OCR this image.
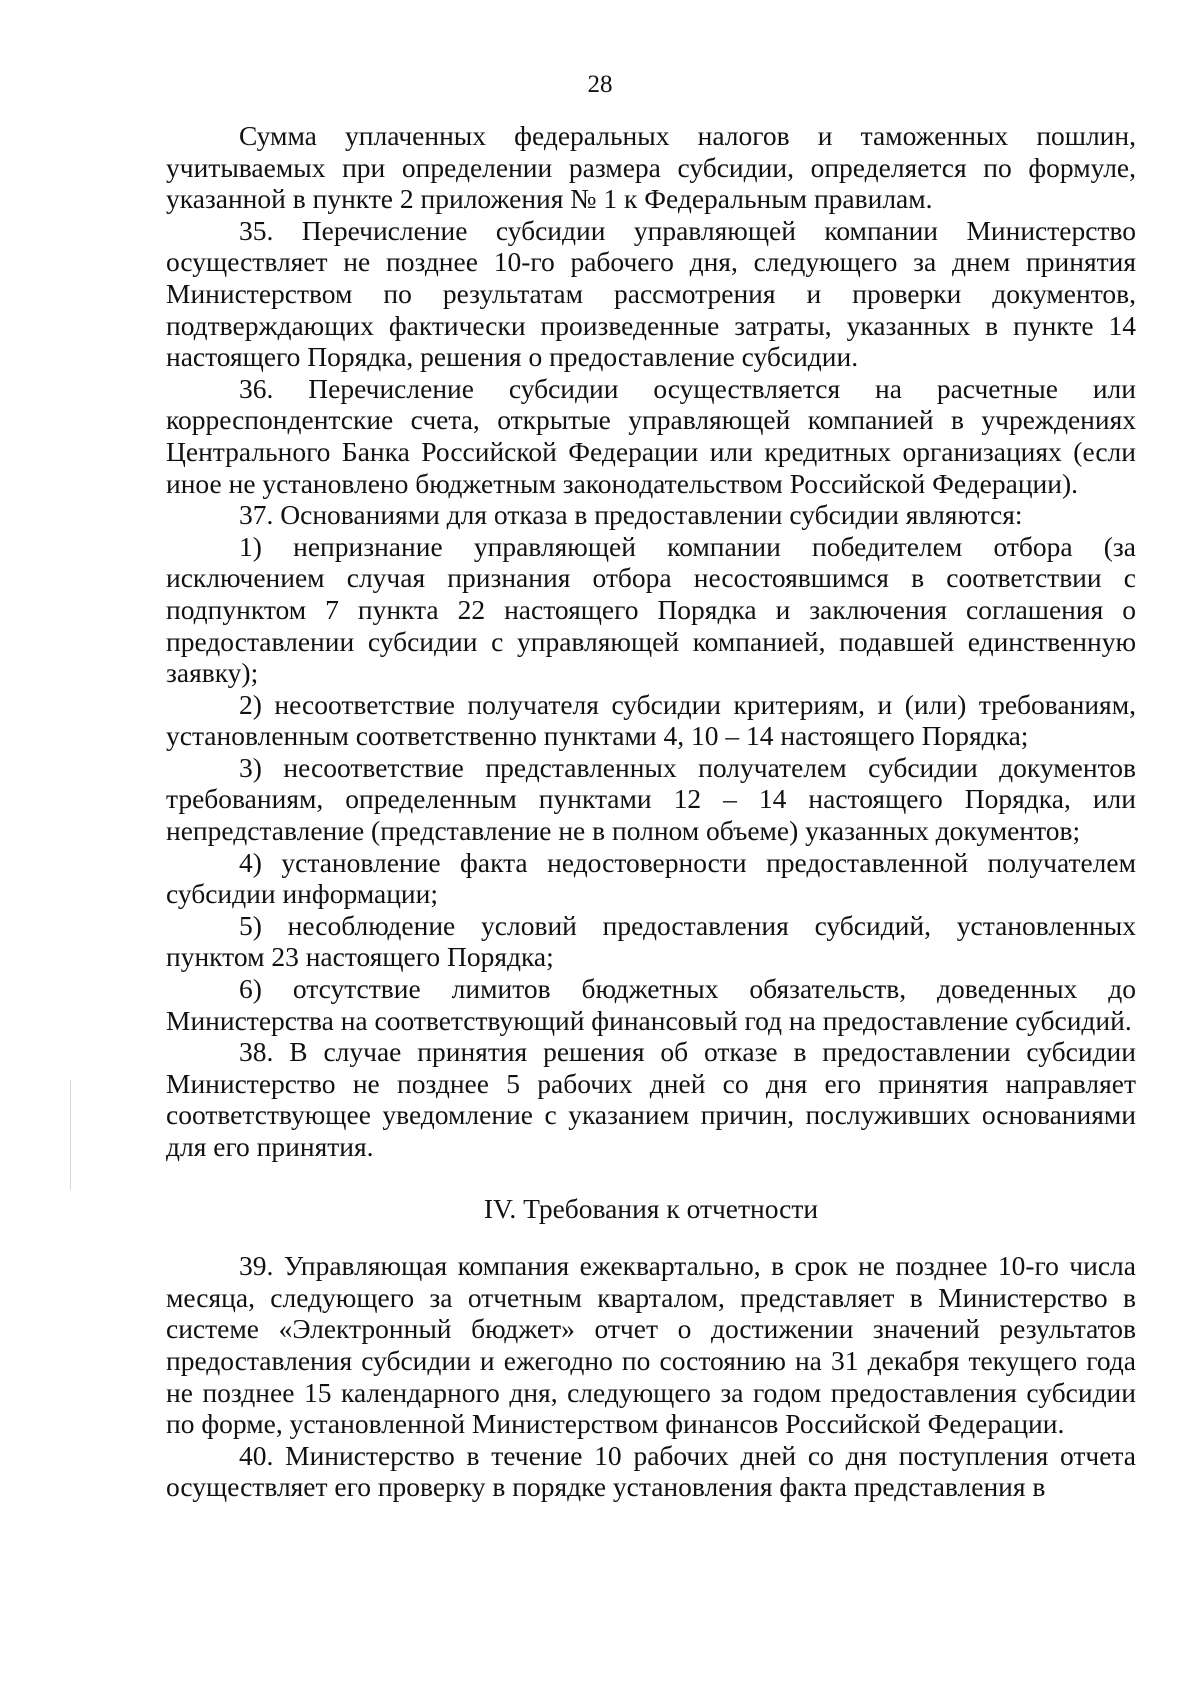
28

Сумма уплаченных федеральных налогов и таможенных пошлин, учитываемых при определении размера субсидии, определяется по формуле, указанной в пункте 2 приложения № 1 к Федеральным правилам.

35. Перечисление субсидии управляющей компании Министерство осуществляет не позднее 10-го рабочего дня, следующего за днем принятия Министерством по результатам рассмотрения и проверки документов, подтверждающих фактически произведенные затраты, указанных в пункте 14 настоящего Порядка, решения о предоставление субсидии.

36. Перечисление субсидии осуществляется на расчетные или корреспондентские счета, открытые управляющей компанией в учреждениях Центрального Банка Российской Федерации или кредитных организациях (если иное не установлено бюджетным законодательством Российской Федерации).

37. Основаниями для отказа в предоставлении субсидии являются:

1) непризнание управляющей компании победителем отбора (за исключением случая признания отбора несостоявшимся в соответствии с подпунктом 7 пункта 22 настоящего Порядка и заключения соглашения о предоставлении субсидии с управляющей компанией, подавшей единственную заявку);

2) несоответствие получателя субсидии критериям, и (или) требованиям, установленным соответственно пунктами 4, 10 – 14 настоящего Порядка;

3) несоответствие представленных получателем субсидии документов требованиям, определенным пунктами 12 – 14 настоящего Порядка, или непредставление (представление не в полном объеме) указанных документов;

4) установление факта недостоверности предоставленной получателем субсидии информации;

5) несоблюдение условий предоставления субсидий, установленных пунктом 23 настоящего Порядка;

6) отсутствие лимитов бюджетных обязательств, доведенных до Министерства на соответствующий финансовый год на предоставление субсидий.

38. В случае принятия решения об отказе в предоставлении субсидии Министерство не позднее 5 рабочих дней со дня его принятия направляет соответствующее уведомление с указанием причин, послуживших основаниями для его принятия.

IV. Требования к отчетности

39. Управляющая компания ежеквартально, в срок не позднее 10-го числа месяца, следующего за отчетным кварталом, представляет в Министерство в системе «Электронный бюджет» отчет о достижении значений результатов предоставления субсидии и ежегодно по состоянию на 31 декабря текущего года не позднее 15 календарного дня, следующего за годом предоставления субсидии по форме, установленной Министерством финансов Российской Федерации.

40. Министерство в течение 10 рабочих дней со дня поступления отчета осуществляет его проверку в порядке установления факта представления в
